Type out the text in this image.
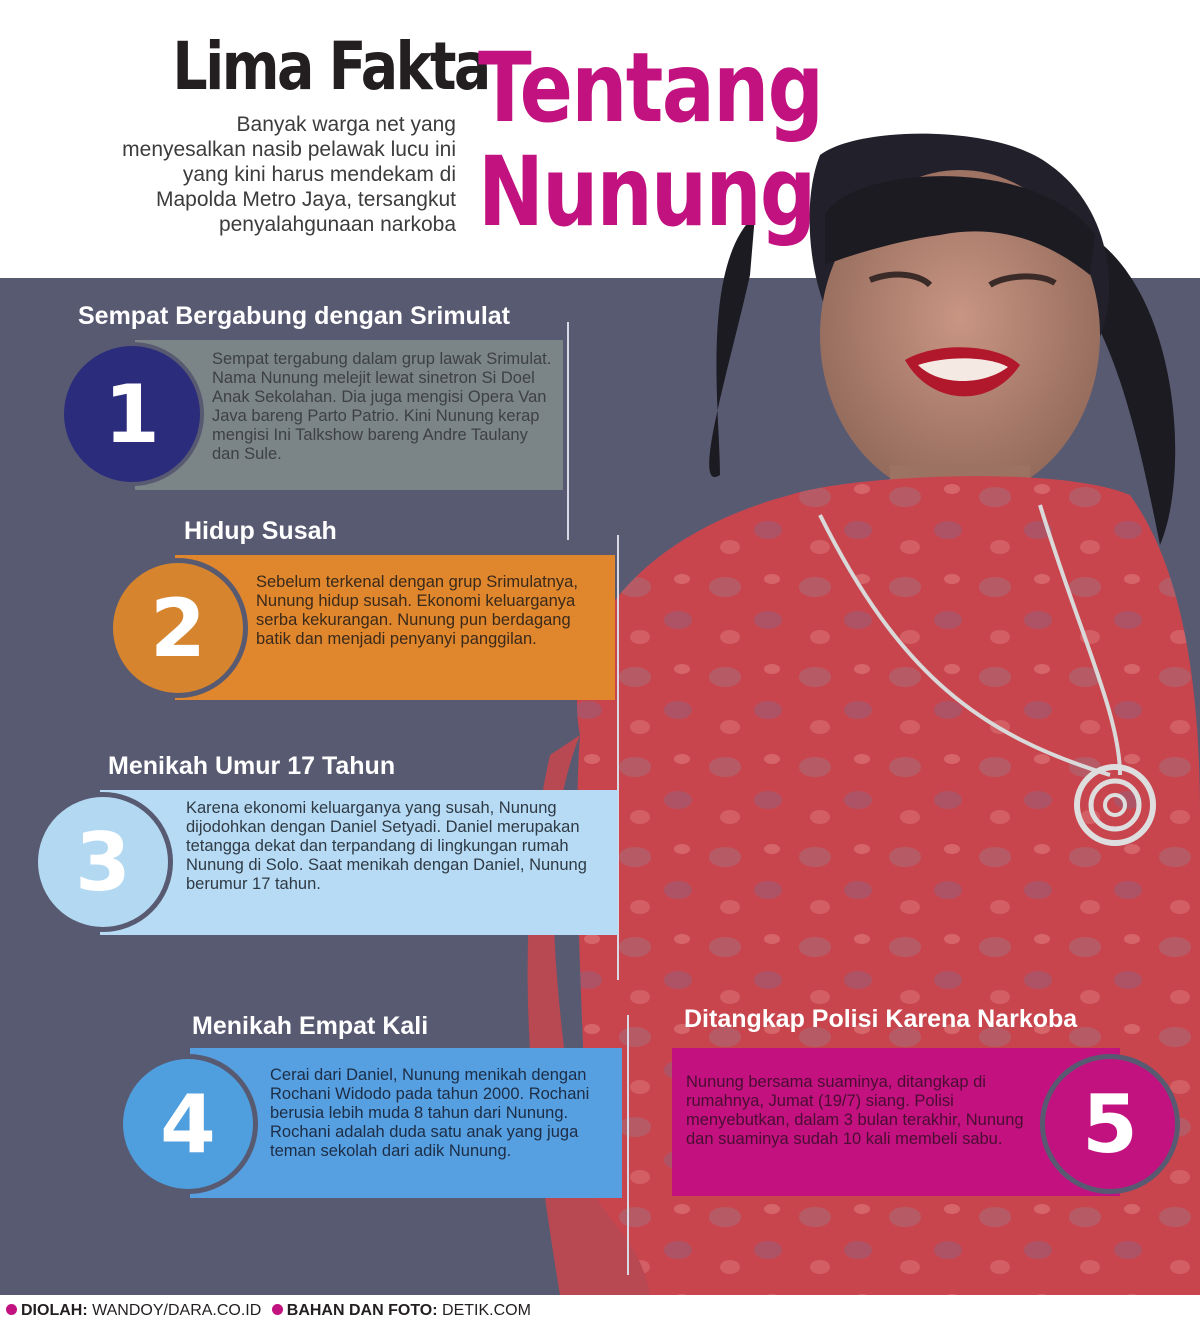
Lima Fakta
Banyak warga net yang menyesalkan nasib pelawak lucu ini yang kini harus mendekam di Mapolda Metro Jaya, tersangkut penyalahgunaan narkoba
Tentang
Nunung
Sempat Bergabung dengan Srimulat
Sempat tergabung dalam grup lawak Srimulat. Nama Nunung melejit lewat sinetron Si Doel Anak Sekolahan. Dia juga mengisi Opera Van Java bareng Parto Patrio. Kini Nunung kerap mengisi Ini Talkshow bareng Andre Taulany dan Sule.
1
Hidup Susah
Sebelum terkenal dengan grup Srimulatnya, Nunung hidup susah. Ekonomi keluarganya serba kekurangan. Nunung pun berdagang batik dan menjadi penyanyi panggilan.
2
Menikah Umur 17 Tahun
Karena ekonomi keluarganya yang susah, Nunung dijodohkan dengan Daniel Setyadi. Daniel merupakan tetangga dekat dan terpandang di lingkungan rumah Nunung di Solo. Saat menikah dengan Daniel, Nunung berumur 17 tahun.
3
Menikah Empat Kali
Cerai dari Daniel, Nunung menikah dengan Rochani Widodo pada tahun 2000. Rochani berusia lebih muda 8 tahun dari Nunung. Rochani adalah duda satu anak yang juga teman sekolah dari adik Nunung.
4
Ditangkap Polisi Karena Narkoba
Nunung bersama suaminya, ditangkap di rumahnya, Jumat (19/7) siang. Polisi menyebutkan, dalam 3 bulan terakhir, Nunung dan suaminya sudah 10 kali membeli sabu. 5
DIOLAH: WANDOY/DARA.CO.ID BAHAN DAN FOTO: DETIK.COM
